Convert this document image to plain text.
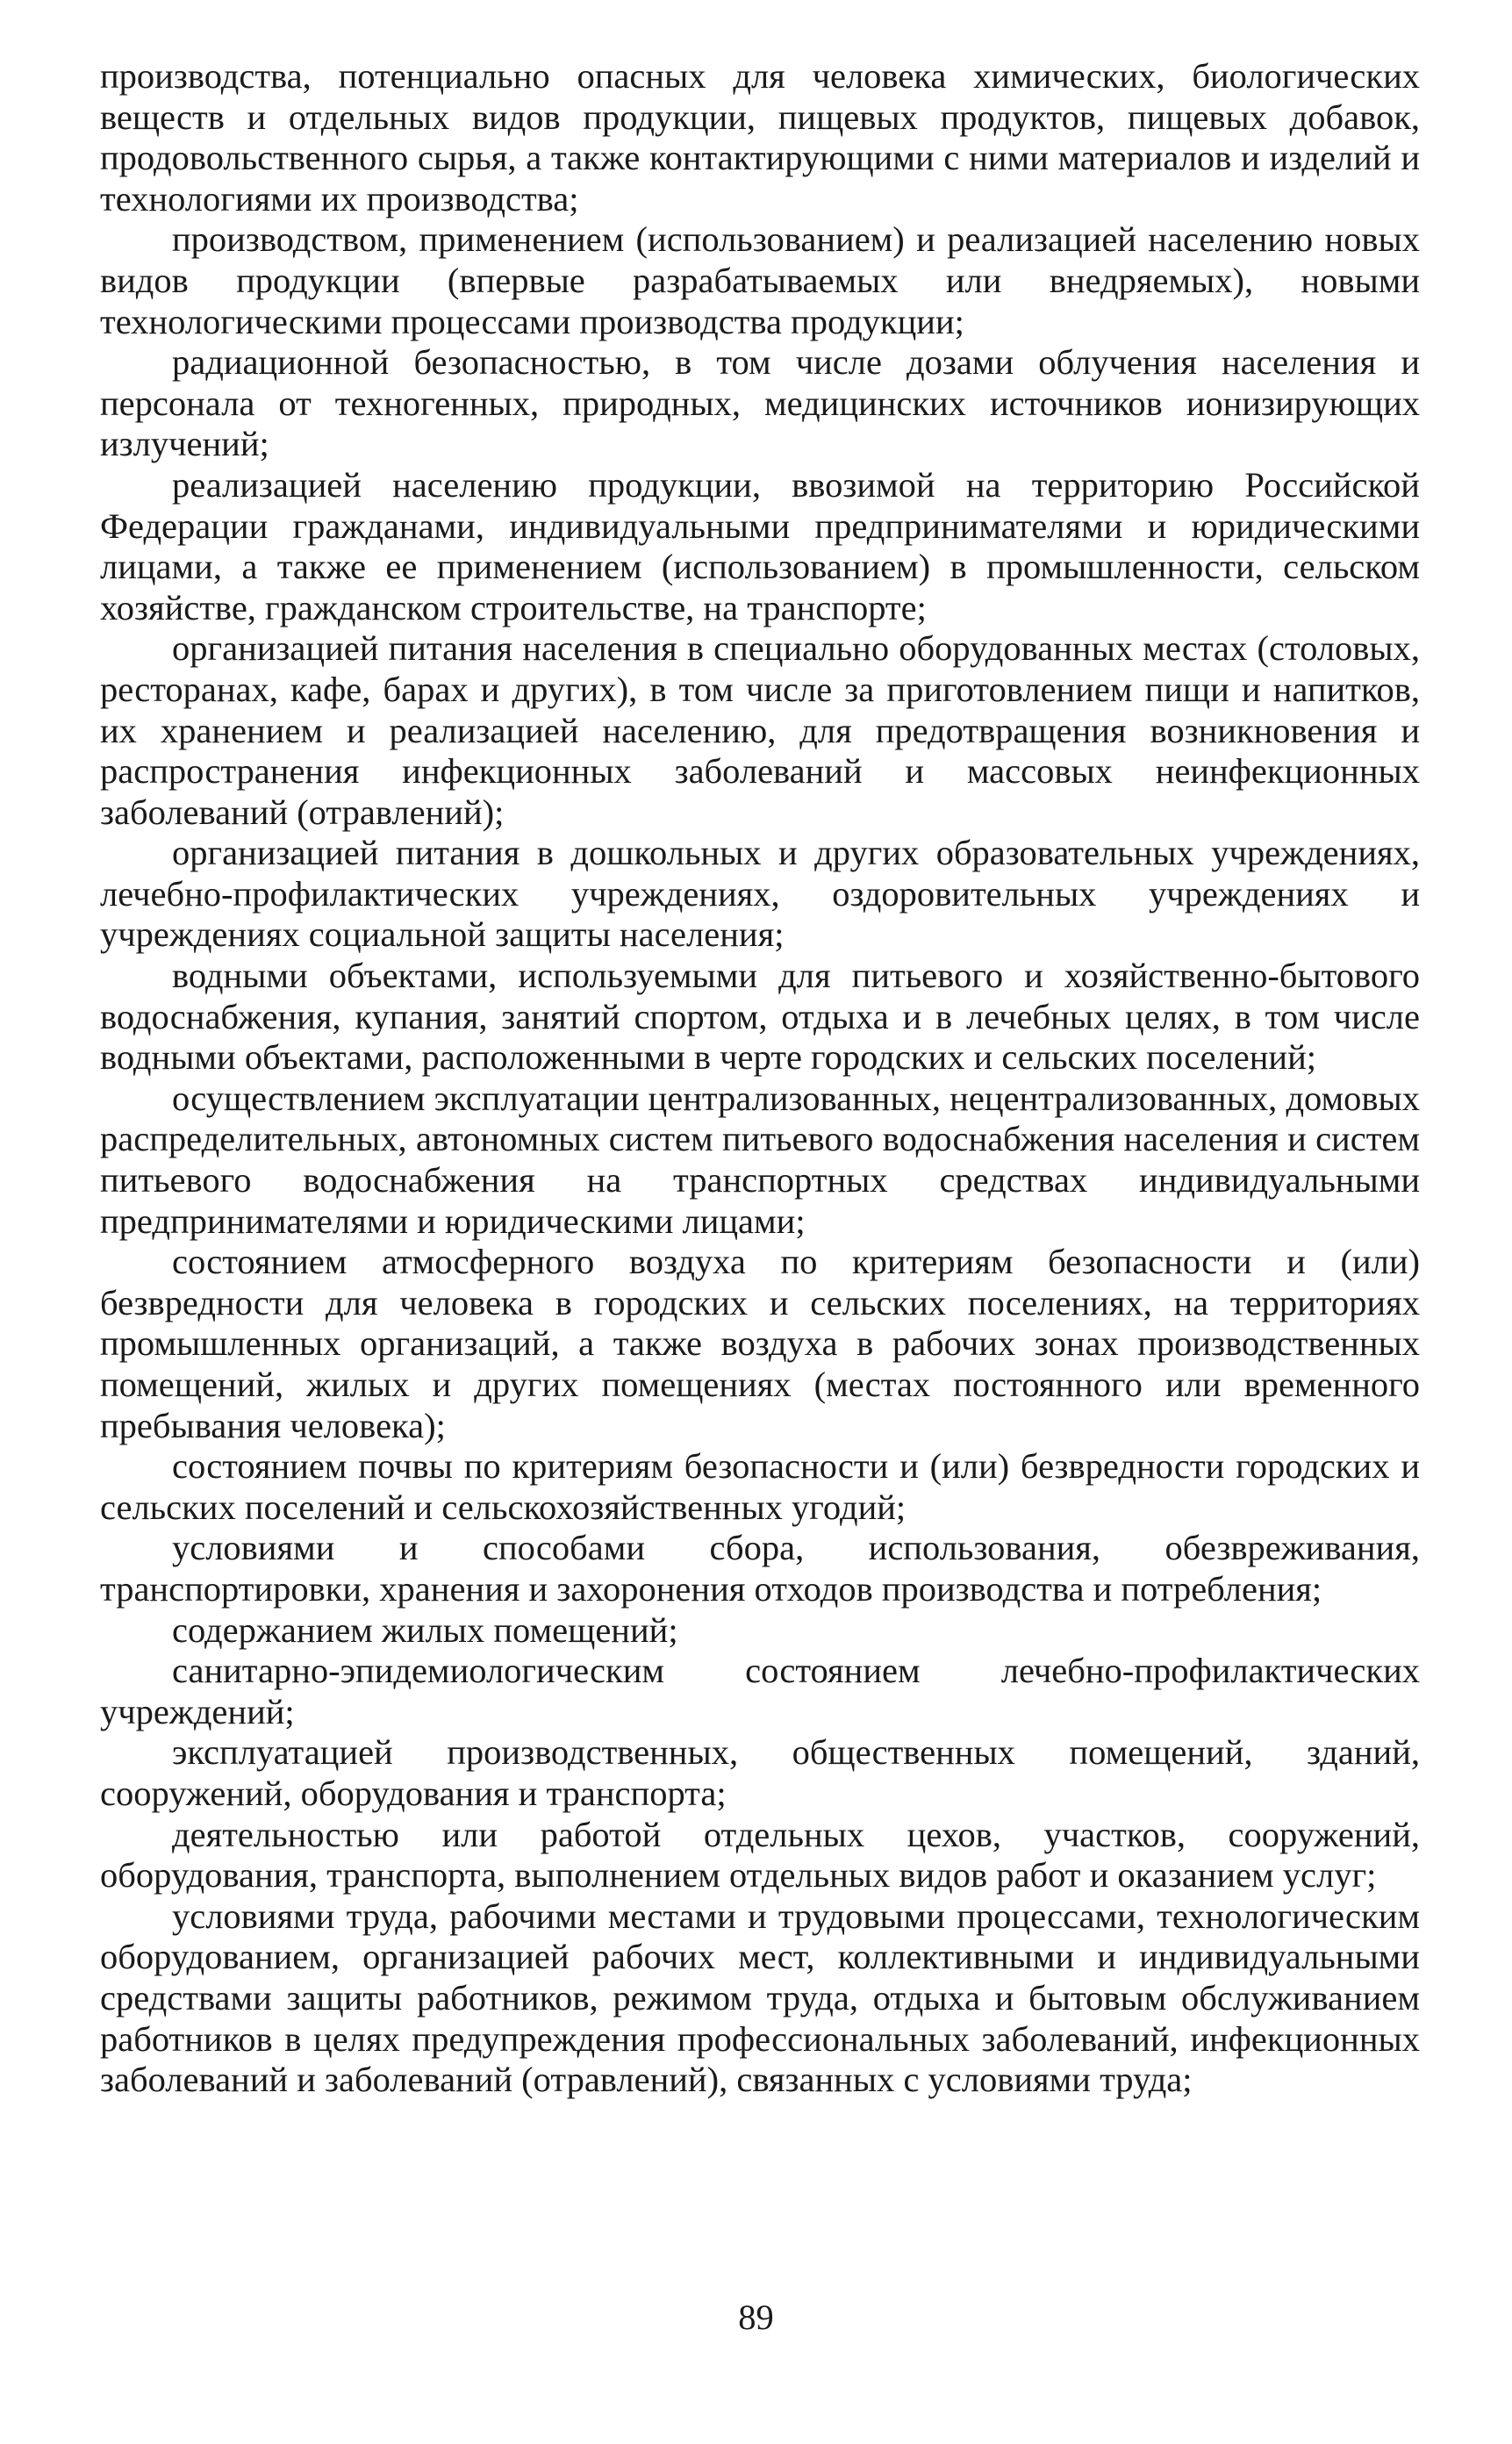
производства, потенциально опасных для человека химических, биологических веществ и отдельных видов продукции, пищевых продуктов, пищевых добавок, продовольственного сырья, а также контактирующими с ними материалов и изделий и технологиями их производства;

производством, применением (использованием) и реализацией населению новых видов продукции (впервые разрабатываемых или внедряемых), новыми технологическими процессами производства продукции;

радиационной безопасностью, в том числе дозами облучения населения и персонала от техногенных, природных, медицинских источников ионизирующих излучений;

реализацией населению продукции, ввозимой на территорию Российской Федерации гражданами, индивидуальными предпринимателями и юридическими лицами, а также ее применением (использованием) в промышленности, сельском хозяйстве, гражданском строительстве, на транспорте;

организацией питания населения в специально оборудованных местах (столовых, ресторанах, кафе, барах и других), в том числе за приготовлением пищи и напитков, их хранением и реализацией населению, для предотвращения возникновения и распространения инфекционных заболеваний и массовых неинфекционных заболеваний (отравлений);

организацией питания в дошкольных и других образовательных учреждениях, лечебно-профилактических учреждениях, оздоровительных учреждениях и учреждениях социальной защиты населения;

водными объектами, используемыми для питьевого и хозяйственно-бытового водоснабжения, купания, занятий спортом, отдыха и в лечебных целях, в том числе водными объектами, расположенными в черте городских и сельских поселений;

осуществлением эксплуатации централизованных, нецентрализованных, домовых распределительных, автономных систем питьевого водоснабжения населения и систем питьевого водоснабжения на транспортных средствах индивидуальными предпринимателями и юридическими лицами;

состоянием атмосферного воздуха по критериям безопасности и (или) безвредности для человека в городских и сельских поселениях, на территориях промышленных организаций, а также воздуха в рабочих зонах производственных помещений, жилых и других помещениях (местах постоянного или временного пребывания человека);

состоянием почвы по критериям безопасности и (или) безвредности городских и сельских поселений и сельскохозяйственных угодий;

условиями и способами сбора, использования, обезвреживания, транспортировки, хранения и захоронения отходов производства и потребления;

содержанием жилых помещений;

санитарно-эпидемиологическим состоянием лечебно-профилактических учреждений;

эксплуатацией производственных, общественных помещений, зданий, сооружений, оборудования и транспорта;

деятельностью или работой отдельных цехов, участков, сооружений, оборудования, транспорта, выполнением отдельных видов работ и оказанием услуг;

условиями труда, рабочими местами и трудовыми процессами, технологическим оборудованием, организацией рабочих мест, коллективными и индивидуальными средствами защиты работников, режимом труда, отдыха и бытовым обслуживанием работников в целях предупреждения профессиональных заболеваний, инфекционных заболеваний и заболеваний (отравлений), связанных с условиями труда;

89
